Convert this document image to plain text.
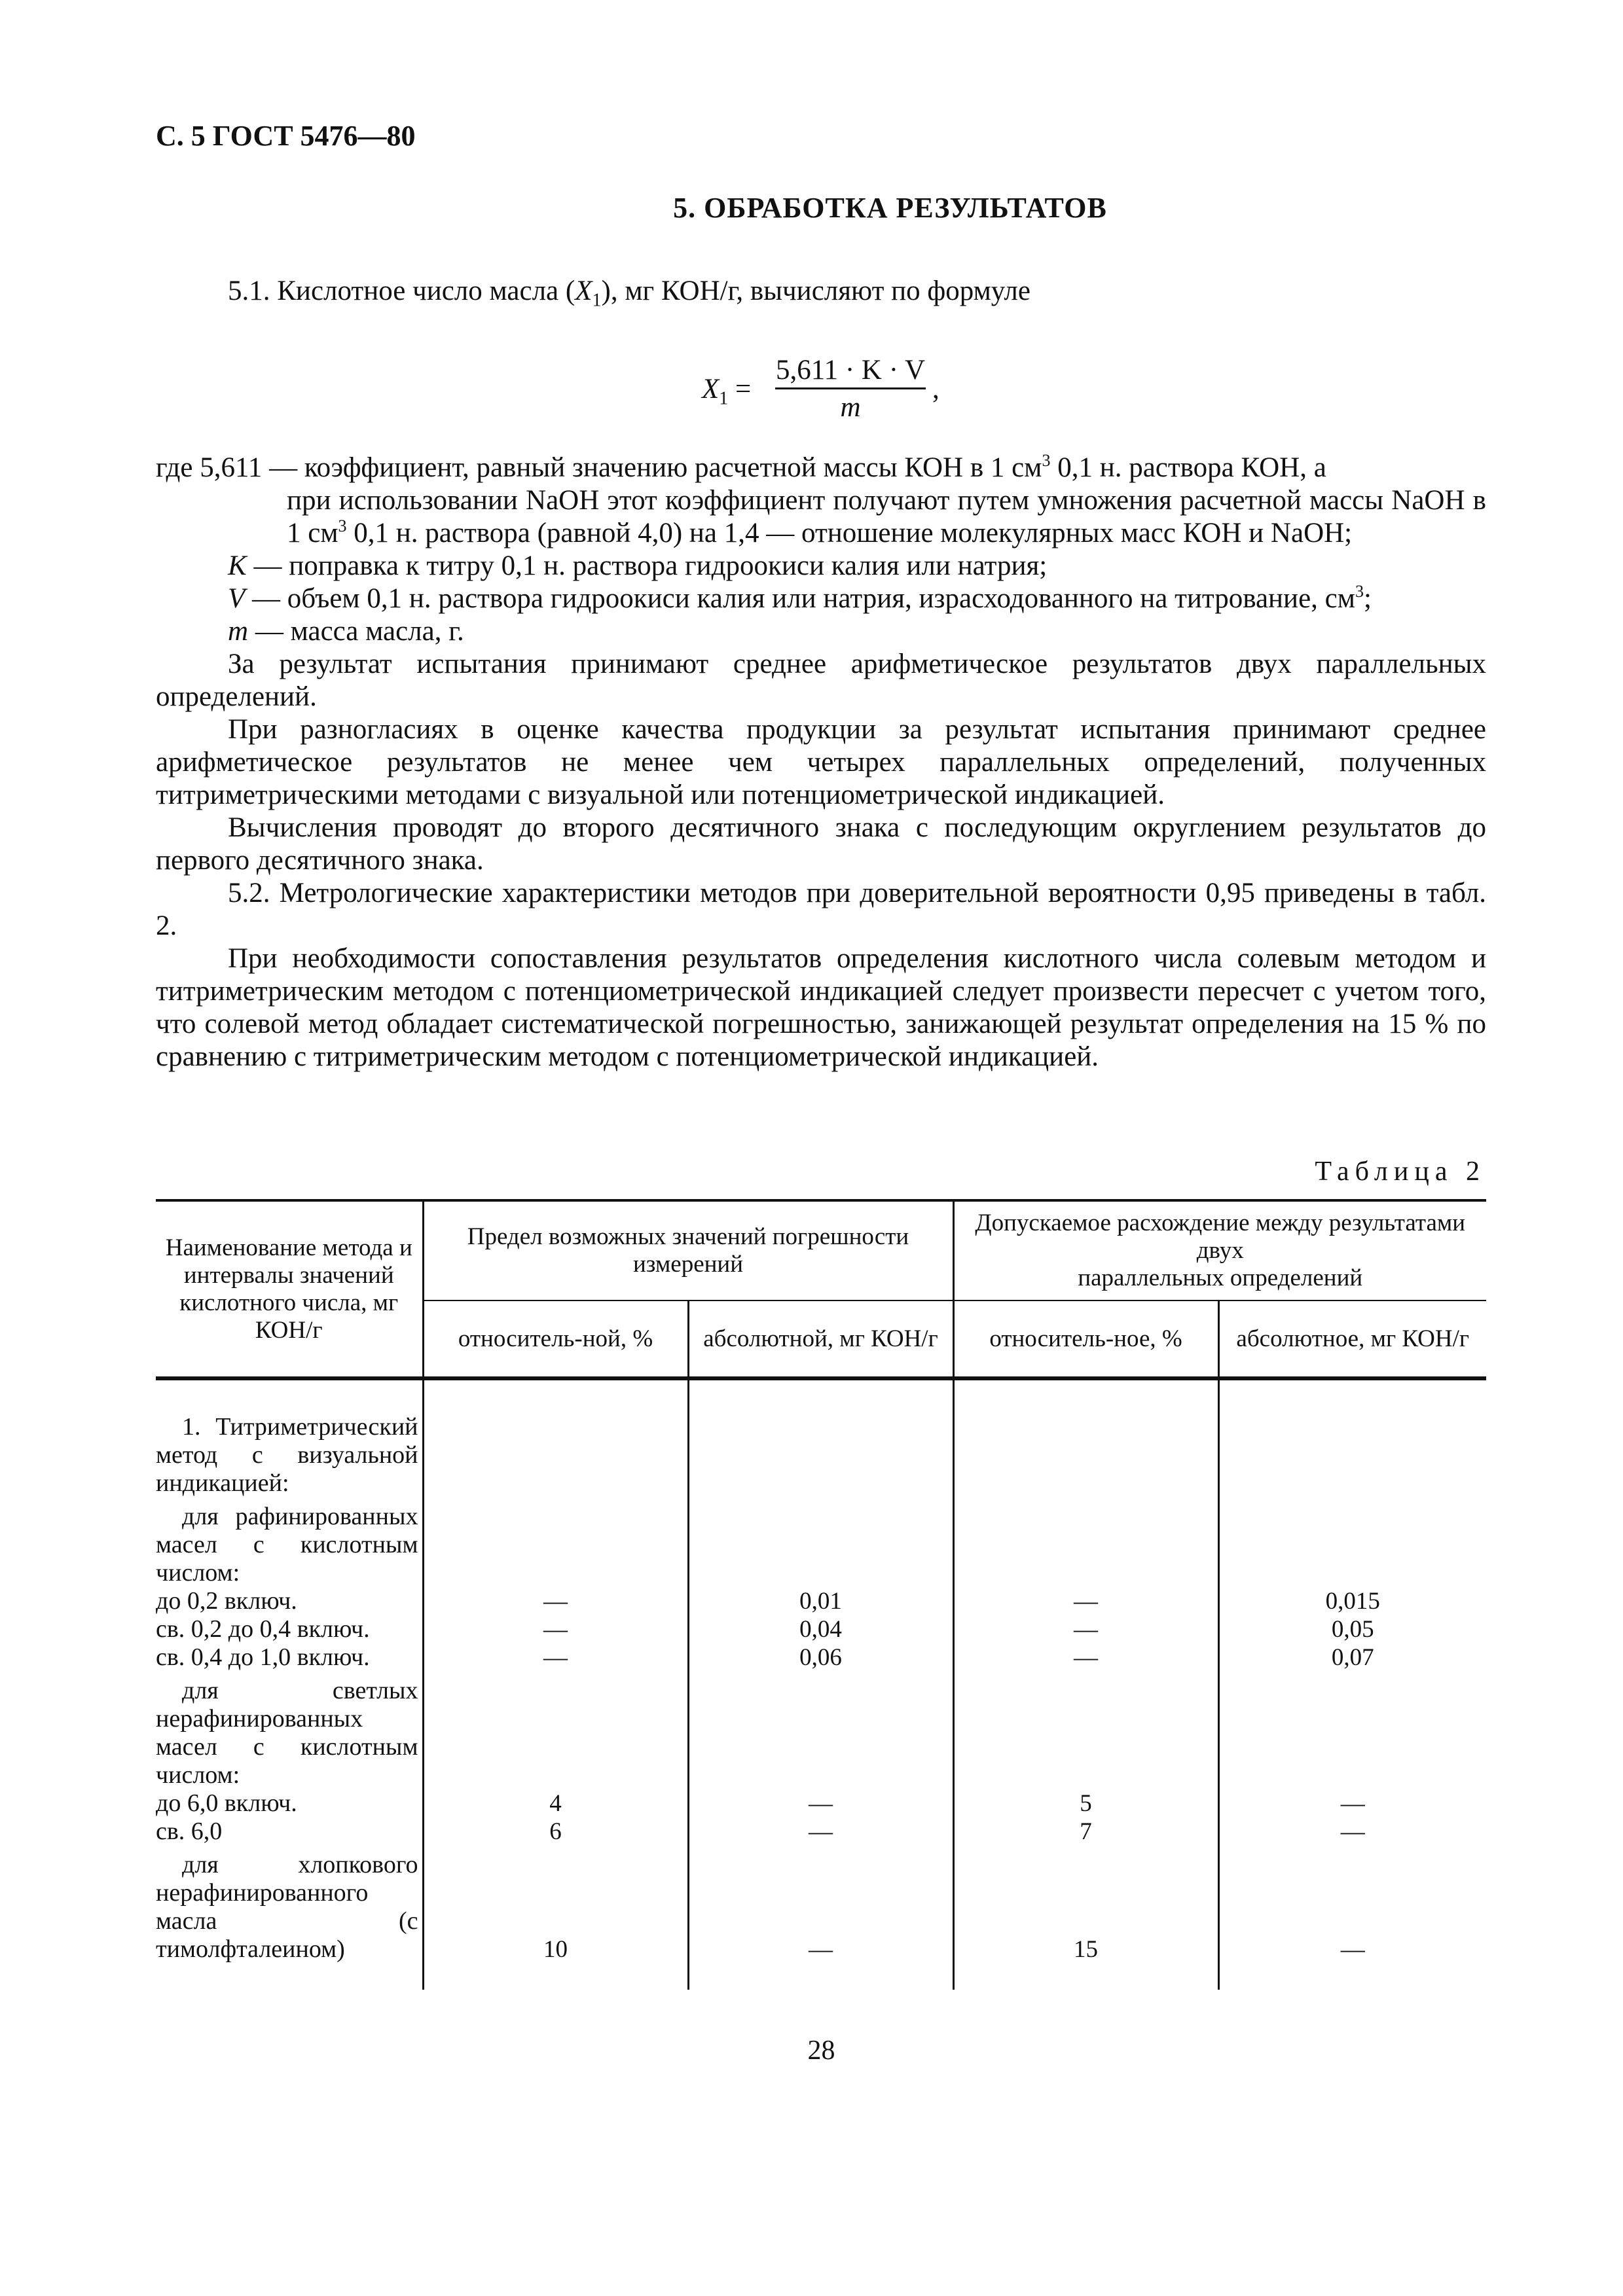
С. 5 ГОСТ 5476—80
5. ОБРАБОТКА РЕЗУЛЬТАТОВ

5.1. Кислотное число масла $(X_1)$, мг КОН/г, вычисляют по формуле

$X_1 = \frac{5,611 \cdot K \cdot V}{m}$ ,

где 5,611 — коэффициент, равный значению расчетной массы КОН в 1 $см^3$ 0,1 н. раствора КОН, а

при использовании NaOH этот коэффициент получают путем умножения расчетной массы NaOH в 1 $см^3$ 0,1 н. раствора (равной 4,0) на 1,4 — отношение молекулярных масс КОН и NaOH;

K — поправка к титру 0,1 н. раствора гидроокиси калия или натрия;

V — объем 0,1 н. раствора гидроокиси калия или натрия, израсходованного на титрование, $см^3$;

m — масса масла, г.

За результат испытания принимают среднее арифметическое результатов двух параллельных определений.

При разногласиях в оценке качества продукции за результат испытания принимают среднее арифметическое результатов не менее чем четырех параллельных определений, полученных титриметрическими методами с визуальной или потенциометрической индикацией.

Вычисления проводят до второго десятичного знака с последующим округлением результатов до первого десятичного знака.

5.2. Метрологические характеристики методов при доверительной вероятности 0,95 приведены в табл. 2.

При необходимости сопоставления результатов определения кислотного числа солевым методом и титриметрическим методом с потенциометрической индикацией следует произвести пересчет с учетом того, что солевой метод обладает систематической погрешностью, занижающей результат определения на 15 % по сравнению с титриметрическим методом с потенциометрической индикацией.

Таблица 2
Наименование метода и интервалы значений кислотного числа, мг КОН/г	Предел возможных значений погрешности измерений		Допускаемое расхождение между результатами двух
параллельных определений	
	относитель-ной, %	абсолютной, мг КОН/г	относитель-ное, %	абсолютное, мг КОН/г

1. Титриметрический метод с визуальной индикацией:				
для рафинированных масел с кислотным числом:				
до 0,2 включ.	—	0,01	—	0,015
св. 0,2 до 0,4 включ.	—	0,04	—	0,05
св. 0,4 до 1,0 включ.	—	0,06	—	0,07
для светлых нерафинированных масел с кислотным числом:				
до 6,0 включ.	4	—	5	—
св. 6,0	6	—	7	—
для хлопкового нерафинированного масла (с тимолфталеином)	10	—	15	—

28
